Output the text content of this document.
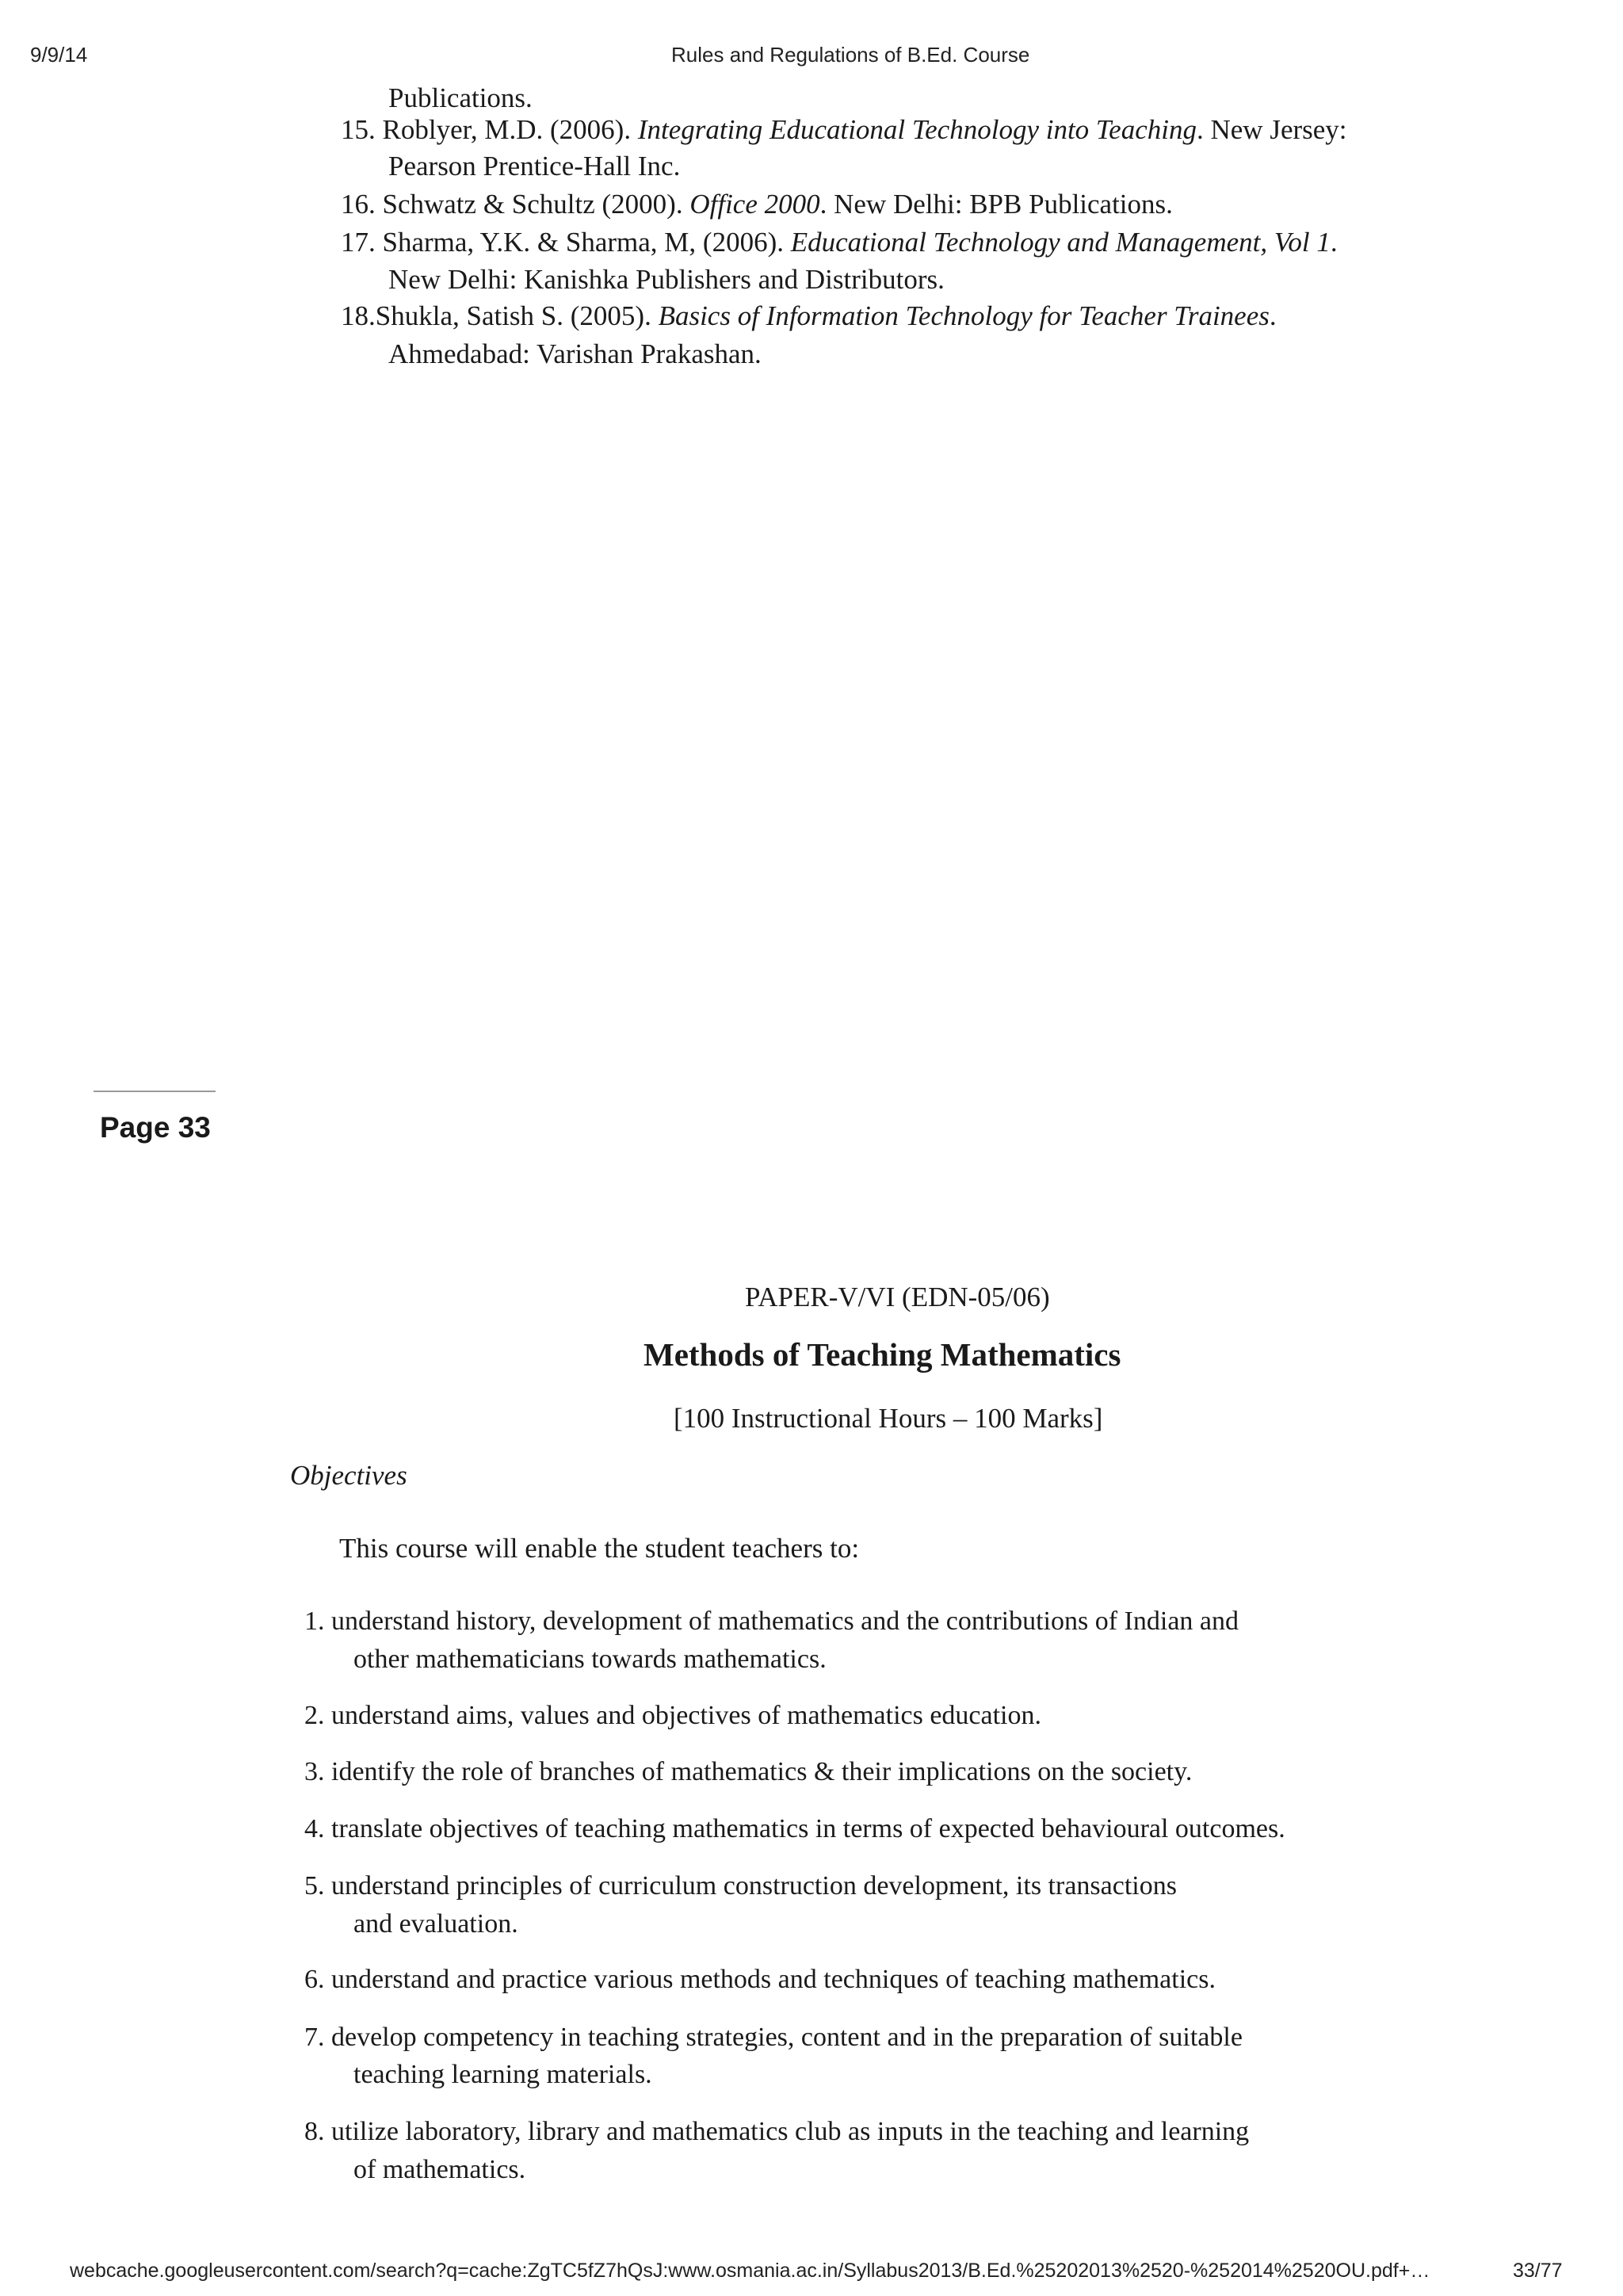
9/9/14	Rules and Regulations of B.Ed. Course
Publications.
15. Roblyer, M.D. (2006). Integrating Educational Technology into Teaching. New Jersey:
Pearson Prentice-Hall Inc.
16. Schwatz & Schultz (2000). Office 2000. New Delhi: BPB Publications.
17. Sharma, Y.K. & Sharma, M, (2006). Educational Technology and Management, Vol 1.
New Delhi: Kanishka Publishers and Distributors.
18.Shukla, Satish S. (2005). Basics of Information Technology for Teacher Trainees.
Ahmedabad: Varishan Prakashan.
Page 33
PAPER-V/VI (EDN-05/06)
Methods of Teaching Mathematics
[100 Instructional Hours – 100 Marks]
Objectives
This course will enable the student teachers to:
1. understand history, development of mathematics and the contributions of Indian and
other mathematicians towards mathematics.
2. understand aims, values and objectives of mathematics education.
3. identify the role of branches of mathematics & their implications on the society.
4. translate objectives of teaching mathematics in terms of expected behavioural outcomes.
5. understand principles of curriculum construction development, its transactions
and evaluation.
6. understand and practice various methods and techniques of teaching mathematics.
7. develop competency in teaching strategies, content and in the preparation of suitable
teaching learning materials.
8. utilize laboratory, library and mathematics club as inputs in the teaching and learning
of mathematics.
webcache.googleusercontent.com/search?q=cache:ZgTC5fZ7hQsJ:www.osmania.ac.in/Syllabus2013/B.Ed.%25202013%2520-%252014%2520OU.pdf+…	33/77
